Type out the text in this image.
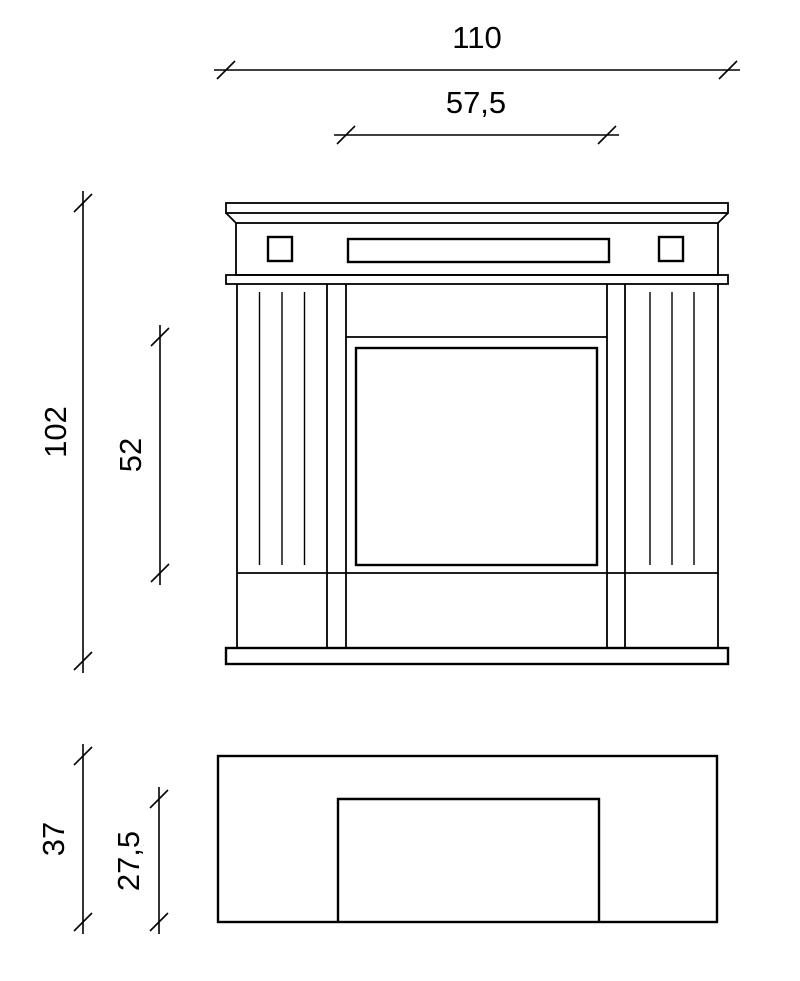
110
57,5
102 52
37 27,5
